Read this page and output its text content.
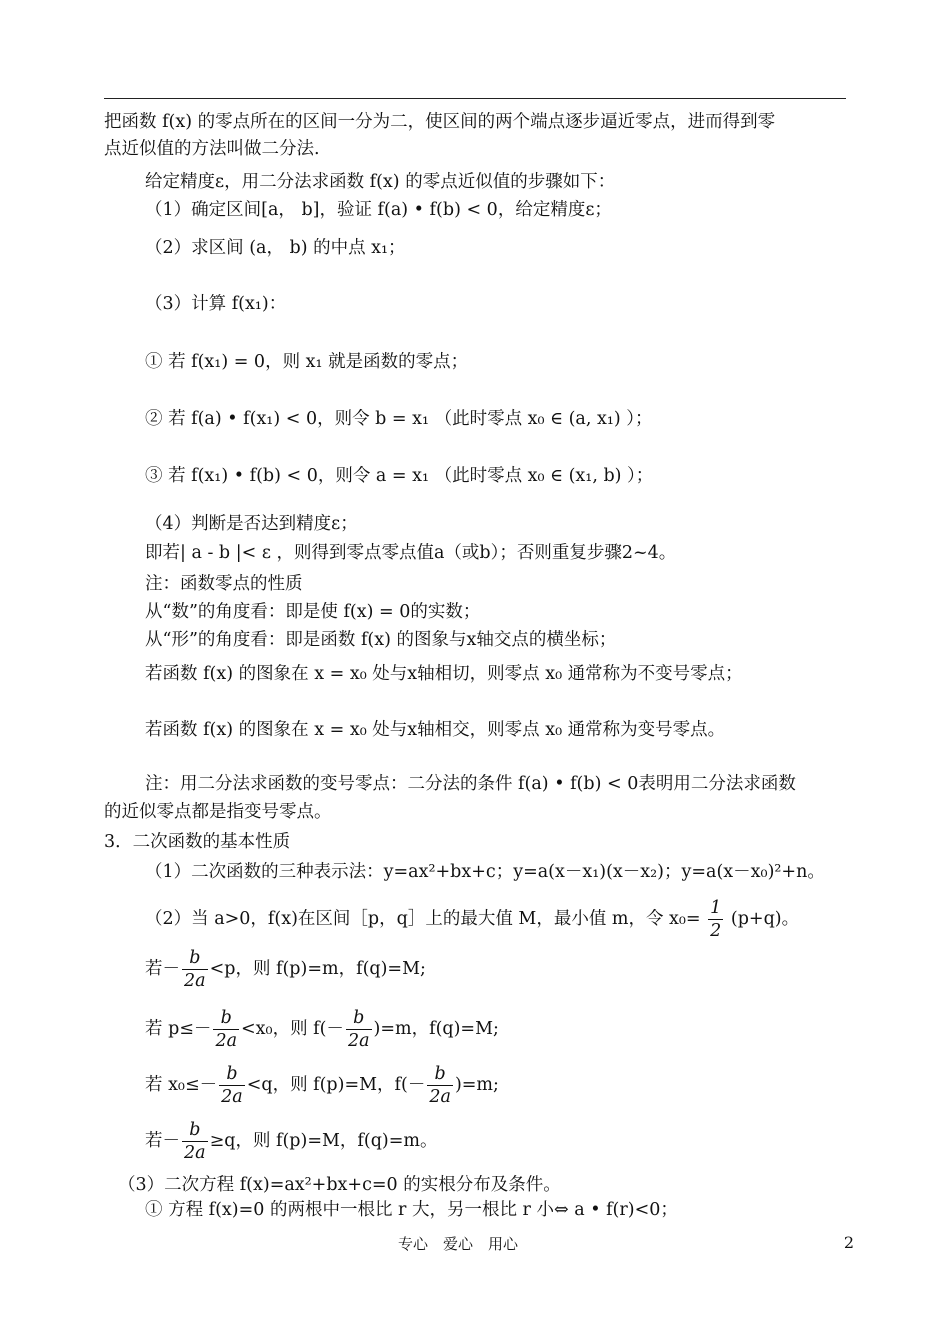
把函数 f(x) 的零点所在的区间一分为二，使区间的两个端点逐步逼近零点，进而得到零
点近似值的方法叫做二分法.
给定精度ε，用二分法求函数 f(x) 的零点近似值的步骤如下：
（1）确定区间[a， b]，验证 f(a) • f(b) < 0，给定精度ε；
（2）求区间 (a， b) 的中点 x₁；
（3）计算 f(x₁)：
① 若 f(x₁) = 0，则 x₁ 就是函数的零点；
② 若 f(a) • f(x₁) < 0，则令 b = x₁ （此时零点 x₀ ∈ (a, x₁) ）；
③ 若 f(x₁) • f(b) < 0，则令 a = x₁ （此时零点 x₀ ∈ (x₁, b) ）；
（4）判断是否达到精度ε；
即若| a - b |< ε ，则得到零点零点值a（或b）；否则重复步骤2~4。
注：函数零点的性质
从“数”的角度看：即是使 f(x) = 0的实数；
从“形”的角度看：即是函数 f(x) 的图象与x轴交点的横坐标；
若函数 f(x) 的图象在 x = x₀ 处与x轴相切，则零点 x₀ 通常称为不变号零点；
若函数 f(x) 的图象在 x = x₀ 处与x轴相交，则零点 x₀ 通常称为变号零点。
注：用二分法求函数的变号零点：二分法的条件 f(a) • f(b) < 0表明用二分法求函数
的近似零点都是指变号零点。
3．二次函数的基本性质
（1）二次函数的三种表示法：y=ax²+bx+c；y=a(x－x₁)(x－x₂)；y=a(x－x₀)²+n。
（2）当 a>0，f(x)在区间［p，q］上的最大值 M，最小值 m，令 $x_0= \frac{1}{2} (p+q)$。
若－ $\frac{b}{2a} <p$，则 f(p)=m，f(q)=M;
若 $p\le- \frac{b}{2a} <x_0$，则 $f(- \frac{b}{2a} )=m$，f(q)=M;
若 $x_0\le- \frac{b}{2a} <q$，则 f(p)=M，$f(- \frac{b}{2a} )=m$;
若－ $\frac{b}{2a} \ge q$，则 f(p)=M，f(q)=m。
（3）二次方程 f(x)=ax²+bx+c=0 的实根分布及条件。
① 方程 f(x)=0 的两根中一根比 r 大，另一根比 r 小⇔ a • f(r)<0；
专心　爱心　用心	2
